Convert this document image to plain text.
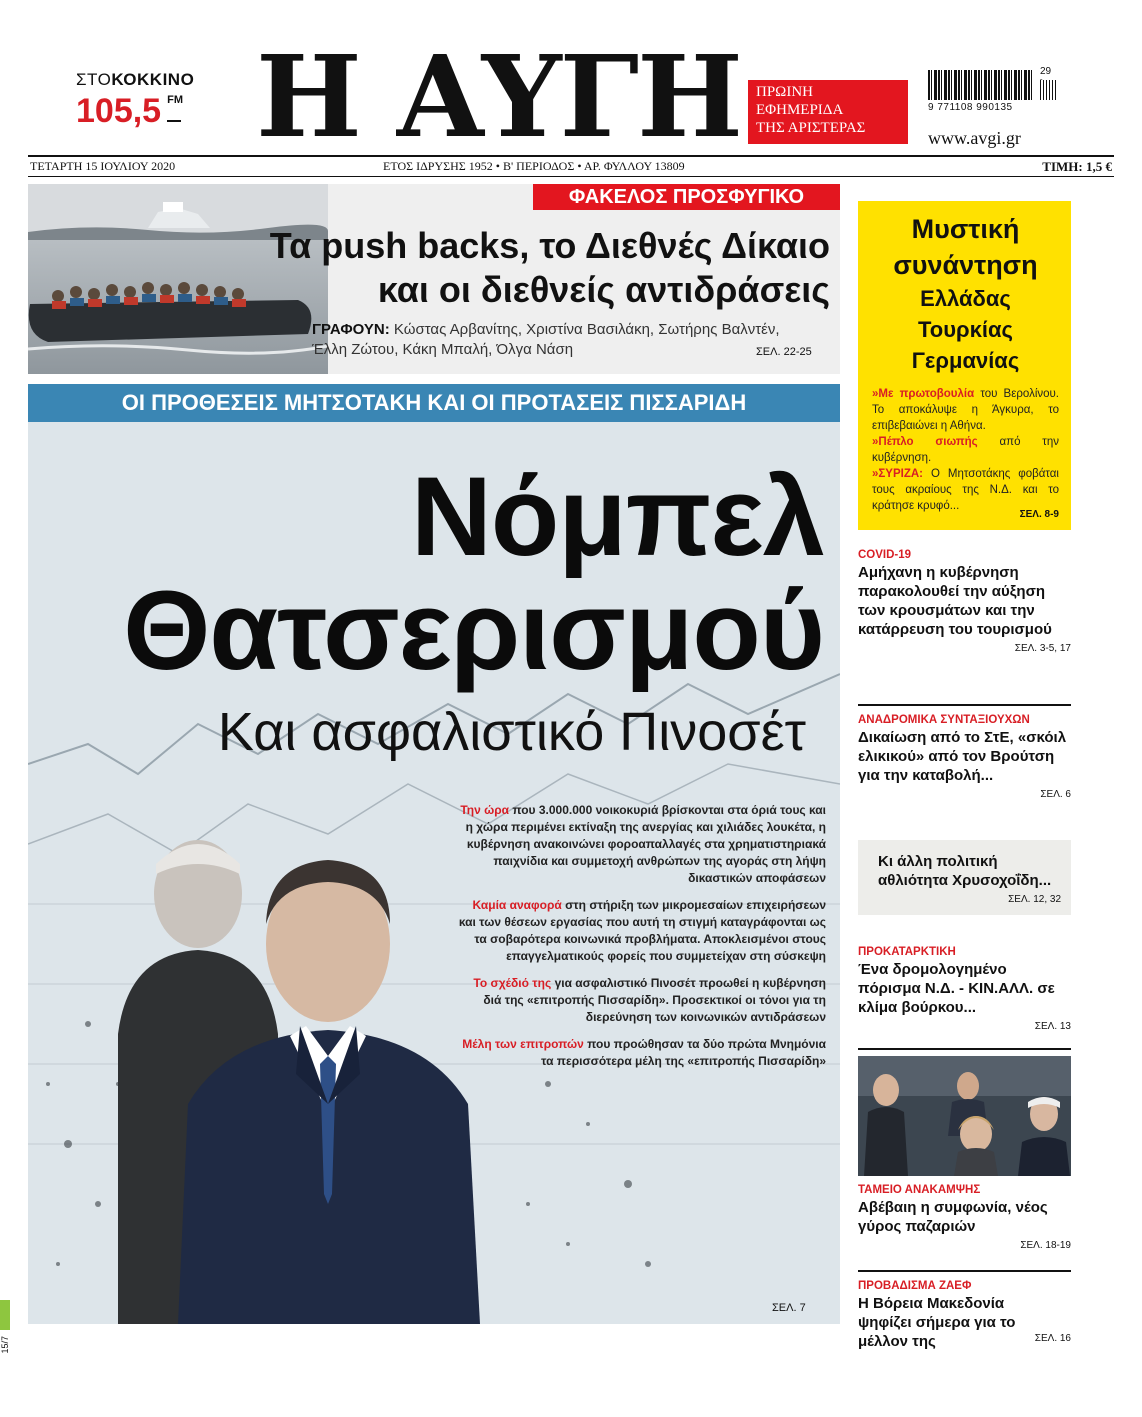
ΣΤΟΚΟΚΚΙΝΟ
105,5 FM Η ΑΥΓΗ ΠΡΩΙΝΗ
ΕΦΗΜΕΡΙΔΑ
ΤΗΣ ΑΡΙΣΤΕΡΑΣ
9 771108 990135
29
www.avgi.gr
ΤΕΤΑΡΤΗ 15 ΙΟΥΛΙΟΥ 2020	ΕΤΟΣ ΙΔΡΥΣΗΣ 1952 • Β' ΠΕΡΙΟΔΟΣ • ΑΡ. ΦΥΛΛΟΥ 13809	ΤΙΜΗ: 1,5 €
ΦΑΚΕΛΟΣ ΠΡΟΣΦΥΓΙΚΟ
Τα push backs, το Διεθνές Δίκαιο
και οι διεθνείς αντιδράσεις
ΓΡΑΦΟΥΝ: Κώστας Αρβανίτης, Χριστίνα Βασιλάκη, Σωτήρης Βαλντέν, Έλλη Ζώτου, Κάκη Μπαλή, Όλγα Νάση	ΣΕΛ. 22-25
ΟΙ ΠΡΟΘΕΣΕΙΣ ΜΗΤΣΟΤΑΚΗ ΚΑΙ ΟΙ ΠΡΟΤΑΣΕΙΣ ΠΙΣΣΑΡΙΔΗ
Νόμπελ
Θατσερισμού
Και ασφαλιστικό Πινοσέτ

Την ώρα που 3.000.000 νοικοκυριά βρίσκονται στα όριά τους και η χώρα περιμένει εκτίναξη της ανεργίας και χιλιάδες λουκέτα, η κυβέρνηση ανακοινώνει φοροαπαλλαγές στα χρηματιστηριακά παιχνίδια και συμμετοχή ανθρώπων της αγοράς στη λήψη δικαστικών αποφάσεων

Καμία αναφορά στη στήριξη των μικρομεσαίων επιχειρήσεων και των θέσεων εργασίας που αυτή τη στιγμή καταγράφονται ως τα σοβαρότερα κοινωνικά προβλήματα. Αποκλεισμένοι στους επαγγελματικούς φορείς που συμμετείχαν στη σύσκεψη

Το σχέδιό της για ασφαλιστικό Πινοσέτ προωθεί η κυβέρνηση διά της «επιτροπής Πισσαρίδη». Προσεκτικοί οι τόνοι για τη διερεύνηση των κοινωνικών αντιδράσεων

Μέλη των επιτροπών που προώθησαν τα δύο πρώτα Μνημόνια τα περισσότερα μέλη της «επιτροπής Πισσαρίδη»

ΣΕΛ. 7
Μυστική
συνάντηση
Ελλάδας
Τουρκίας
Γερμανίας

»Με πρωτοβουλία του Βερολίνου. Το αποκάλυψε η Άγκυρα, το επιβεβαιώνει η Αθήνα.

»Πέπλο σιωπής από την κυβέρνηση.

»ΣΥΡΙΖΑ: Ο Μητσοτάκης φοβάται τους ακραίους της Ν.Δ. και το κράτησε κρυφό...

ΣΕΛ. 8-9
COVID-19
Αμήχανη η κυβέρνηση παρακολουθεί την αύξηση των κρουσμάτων και την κατάρρευση του τουρισμού
ΣΕΛ. 3-5, 17
ΑΝΑΔΡΟΜΙΚΑ ΣΥΝΤΑΞΙΟΥΧΩΝ
Δικαίωση από το ΣτΕ, «σκόιλ ελικικού» από τον Βρούτση για την καταβολή...
ΣΕΛ. 6
Κι άλλη πολιτική αθλιότητα Χρυσοχοΐδη...
ΣΕΛ. 12, 32
ΠΡΟΚΑΤΑΡΚΤΙΚΗ
Ένα δρομολογημένο πόρισμα Ν.Δ. - ΚΙΝ.ΑΛΛ. σε κλίμα βούρκου...
ΣΕΛ. 13
ΤΑΜΕΙΟ ΑΝΑΚΑΜΨΗΣ
Αβέβαιη η συμφωνία, νέος γύρος παζαριών
ΣΕΛ. 18-19
ΠΡΟΒΑΔΙΣΜΑ ΖΑΕΦ
Η Βόρεια Μακεδονία ψηφίζει σήμερα για το μέλλον της	ΣΕΛ. 16
15/7
